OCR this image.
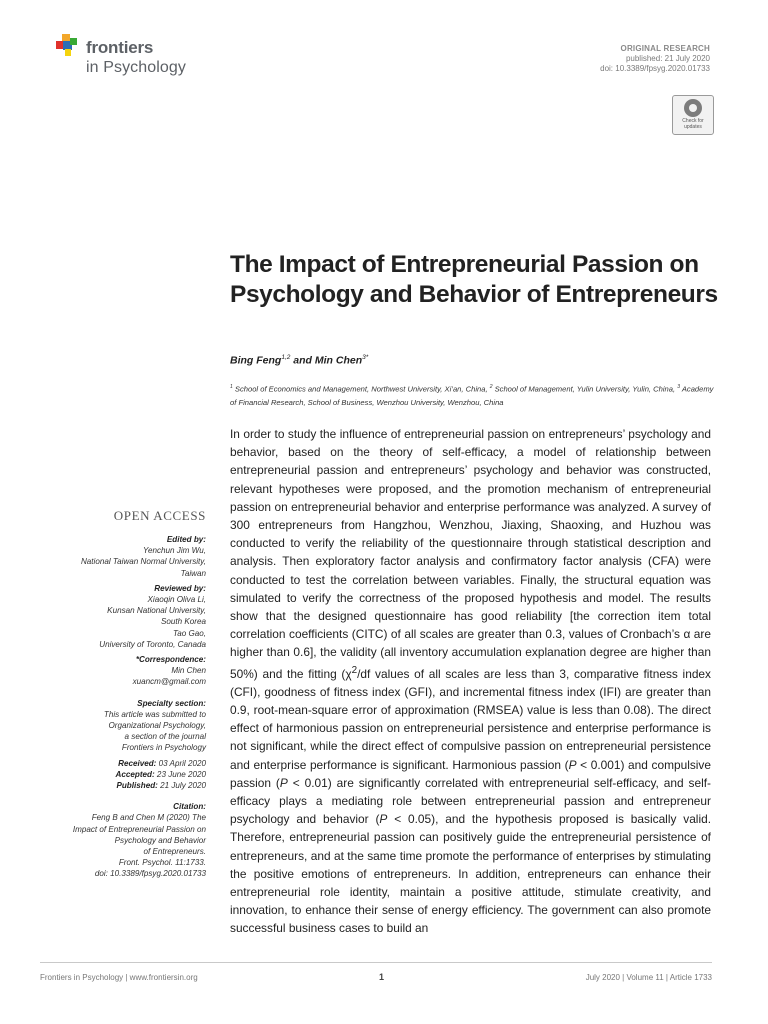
frontiers
in Psychology
ORIGINAL RESEARCH
published: 21 July 2020
doi: 10.3389/fpsyg.2020.01733
Check for
updates
The Impact of Entrepreneurial Passion on Psychology and Behavior of Entrepreneurs
Bing Feng$^{1,2}$ and Min Chen$^{3*}$
$^1$ School of Economics and Management, Northwest University, Xi’an, China, $^2$ School of Management, Yulin University, Yulin, China, $^3$ Academy of Financial Research, School of Business, Wenzhou University, Wenzhou, China
In order to study the influence of entrepreneurial passion on entrepreneurs’ psychology and behavior, based on the theory of self-efficacy, a model of relationship between entrepreneurial passion and entrepreneurs’ psychology and behavior was constructed, relevant hypotheses were proposed, and the promotion mechanism of entrepreneurial passion on entrepreneurial behavior and enterprise performance was analyzed. A survey of 300 entrepreneurs from Hangzhou, Wenzhou, Jiaxing, Shaoxing, and Huzhou was conducted to verify the reliability of the questionnaire through statistical description and analysis. Then exploratory factor analysis and confirmatory factor analysis (CFA) were conducted to test the correlation between variables. Finally, the structural equation was simulated to verify the correctness of the proposed hypothesis and model. The results show that the designed questionnaire has good reliability [the correction item total correlation coefficients (CITC) of all scales are greater than 0.3, values of Cronbach’s α are higher than 0.6], the validity (all inventory accumulation explanation degree are higher than 50%) and the fitting ($\chi^2/df$ values of all scales are less than 3, comparative fitness index (CFI), goodness of fitness index (GFI), and incremental fitness index (IFI) are greater than 0.9, root-mean-square error of approximation (RMSEA) value is less than 0.08). The direct effect of harmonious passion on entrepreneurial persistence and enterprise performance is not significant, while the direct effect of compulsive passion on entrepreneurial persistence and enterprise performance is significant. Harmonious passion (P < 0.001) and compulsive passion (P < 0.01) are significantly correlated with entrepreneurial self-efficacy, and self-efficacy plays a mediating role between entrepreneurial passion and entrepreneur psychology and behavior (P < 0.05), and the hypothesis proposed is basically valid. Therefore, entrepreneurial passion can positively guide the entrepreneurial persistence of entrepreneurs, and at the same time promote the performance of enterprises by stimulating the positive emotions of entrepreneurs. In addition, entrepreneurs can enhance their entrepreneurial role identity, maintain a positive attitude, stimulate creativity, and innovation, to enhance their sense of energy efficiency. The government can also promote successful business cases to build an
OPEN ACCESS
Edited by:
Yenchun Jim Wu,
National Taiwan Normal University,
Taiwan
Reviewed by:
Xiaoqin Oliva Li,
Kunsan National University,
South Korea
Tao Gao,
University of Toronto, Canada
*Correspondence:
Min Chen
xuancm@gmail.com
Specialty section:
This article was submitted to
Organizational Psychology,
a section of the journal
Frontiers in Psychology
Received: 03 April 2020
Accepted: 23 June 2020
Published: 21 July 2020
Citation:
Feng B and Chen M (2020) The
Impact of Entrepreneurial Passion on
Psychology and Behavior
of Entrepreneurs.
Front. Psychol. 11:1733.
doi: 10.3389/fpsyg.2020.01733
Frontiers in Psychology | www.frontiersin.org	1	July 2020 | Volume 11 | Article 1733
